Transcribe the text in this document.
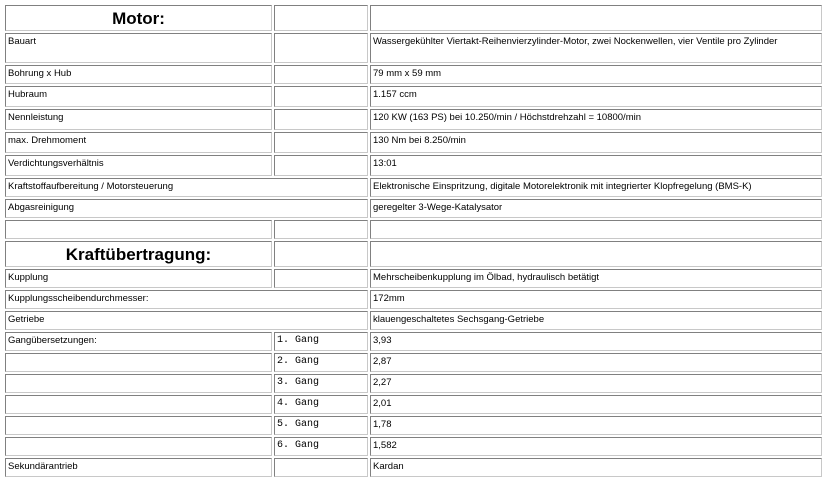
Motor:		
Bauart		Wassergekühlter Viertakt-Reihenvierzylinder-Motor, zwei Nockenwellen, vier Ventile pro Zylinder
Bohrung x Hub		79 mm x 59 mm
Hubraum		1.157 ccm
Nennleistung		120 KW (163 PS) bei 10.250/min / Höchstdrehzahl = 10800/min
max. Drehmoment		130 Nm bei 8.250/min
Verdichtungsverhältnis		13:01
Kraftstoffaufbereitung / Motorsteuerung		Elektronische Einspritzung, digitale Motorelektronik mit integrierter Klopfregelung (BMS-K)
Abgasreinigung		geregelter 3-Wege-Katalysator

Kraftübertragung:		
Kupplung		Mehrscheibenkupplung im Ölbad, hydraulisch betätigt
Kupplungsscheibendurchmesser:		172mm
Getriebe		klauengeschaltetes Sechsgang-Getriebe
Gangübersetzungen:	1. Gang	3,93
	2. Gang	2,87
	3. Gang	2,27
	4. Gang	2,01
	5. Gang	1,78
	6. Gang	1,582
Sekundärantrieb		Kardan
